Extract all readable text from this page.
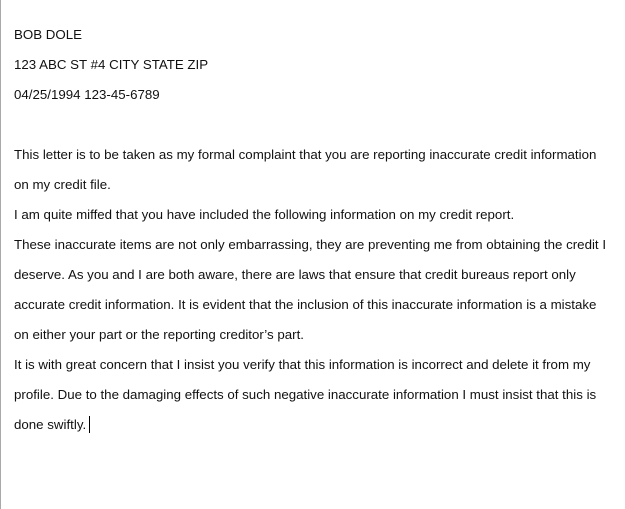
BOB DOLE
123 ABC ST #4 CITY STATE ZIP
04/25/1994 123-45-6789
This letter is to be taken as my formal complaint that you are reporting inaccurate credit information on my credit file.
I am quite miffed that you have included the following information on my credit report.
These inaccurate items are not only embarrassing, they are preventing me from obtaining the credit I deserve. As you and I are both aware, there are laws that ensure that credit bureaus report only accurate credit information. It is evident that the inclusion of this inaccurate information is a mistake on either your part or the reporting creditor’s part.
It is with great concern that I insist you verify that this information is incorrect and delete it from my profile. Due to the damaging effects of such negative inaccurate information I must insist that this is done swiftly.
